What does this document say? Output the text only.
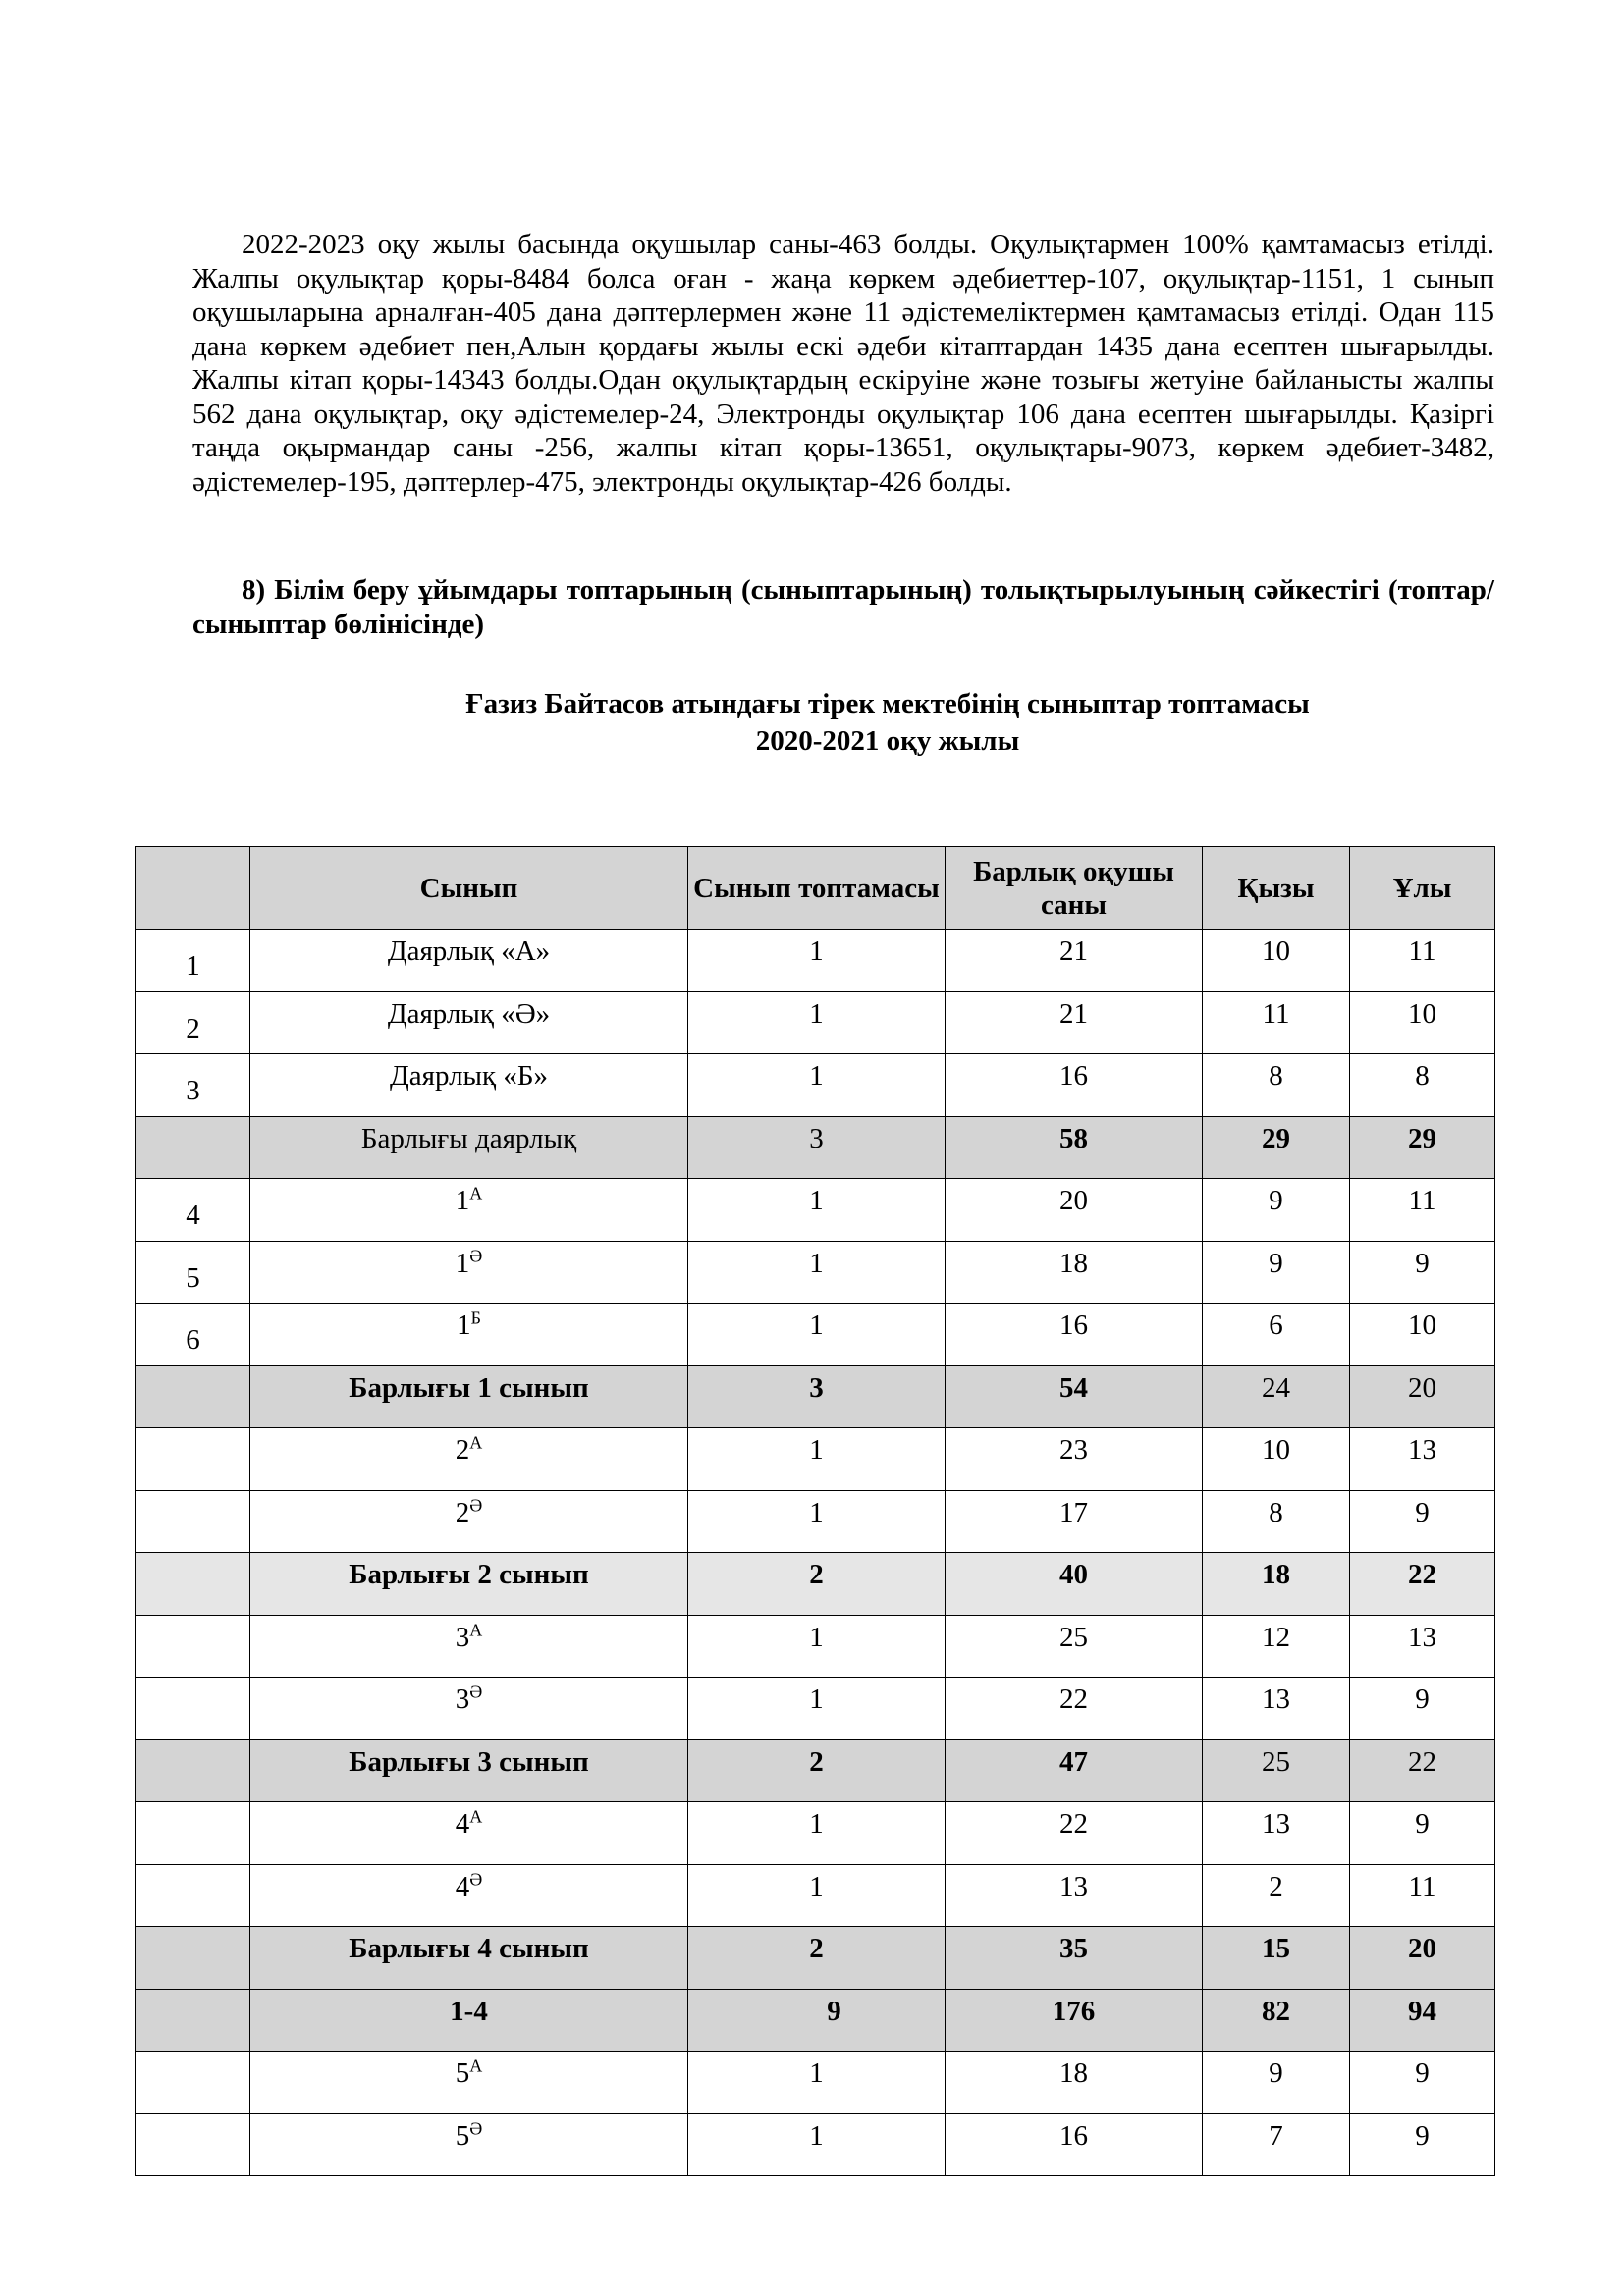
2022-2023 оқу жылы басында оқушылар саны-463 болды. Оқулықтармен 100% қамтамасыз етілді. Жалпы оқулықтар қоры-8484 болса оған - жаңа көркем әдебиеттер-107, оқулықтар-1151, 1 сынып оқушыларына арналған-405 дана дәптерлермен және 11 әдістемеліктермен қамтамасыз етілді. Одан 115 дана көркем әдебиет пен,Алын қордағы жылы ескі әдеби кітаптардан 1435 дана есептен шығарылды. Жалпы кітап қоры-14343 болды.Одан оқулықтардың ескіруіне және тозығы жетуіне байланысты жалпы 562 дана оқулықтар, оқу әдістемелер-24, Электронды оқулықтар 106 дана есептен шығарылды. Қазіргі таңда оқырмандар саны -256, жалпы кітап қоры-13651, оқулықтары-9073, көркем әдебиет-3482, әдістемелер-195, дәптерлер-475, электронды оқулықтар-426 болды.

8) Білім беру ұйымдары топтарының (сыныптарының) толықтырылуының сәйкестігі (топтар/сыныптар бөлінісінде)

Ғазиз Байтасов атындағы тірек мектебінің сыныптар топтамасы

2020-2021 оқу жылы

	Сынып	Сынып топтамасы	Барлық оқушы саны	Қызы	Ұлы
1	Даярлық «А»	1	21	10	11
2	Даярлық «Ә»	1	21	11	10
3	Даярлық «Б»	1	16	8	8
	Барлығы даярлық	3	58	29	29
4	$1^А$	1	20	9	11
5	$1^Ә$	1	18	9	9
6	$1^Б$	1	16	6	10
	Барлығы 1 сынып	3	54	24	20
	$2^А$	1	23	10	13
	$2^Ә$	1	17	8	9
	Барлығы 2 сынып	2	40	18	22
	$3^А$	1	25	12	13
	$3^Ә$	1	22	13	9
	Барлығы 3 сынып	2	47	25	22
	$4^А$	1	22	13	9
	$4^Ә$	1	13	2	11
	Барлығы 4 сынып	2	35	15	20
	1-4	9	176	82	94
	$5^А$	1	18	9	9
	$5^Ә$	1	16	7	9
